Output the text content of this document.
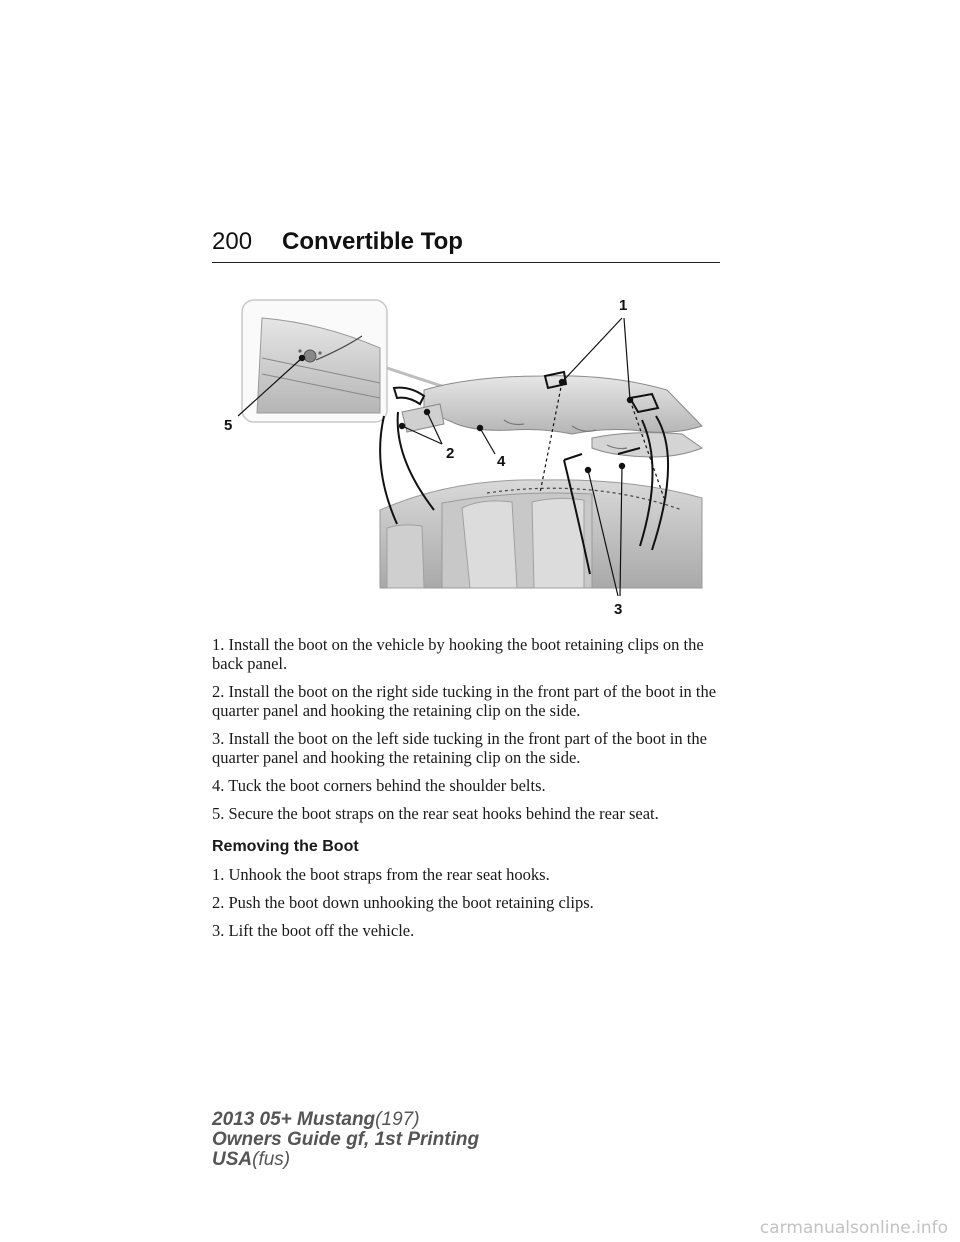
200 Convertible Top
1
2
3
4
5

1. Install the boot on the vehicle by hooking the boot retaining clips on the back panel.

2. Install the boot on the right side tucking in the front part of the boot in the quarter panel and hooking the retaining clip on the side.

3. Install the boot on the left side tucking in the front part of the boot in the quarter panel and hooking the retaining clip on the side.

4. Tuck the boot corners behind the shoulder belts.

5. Secure the boot straps on the rear seat hooks behind the rear seat.

Removing the Boot

1. Unhook the boot straps from the rear seat hooks.

2. Push the boot down unhooking the boot retaining clips.

3. Lift the boot off the vehicle.

2013 05+ Mustang(197)
Owners Guide gf, 1st Printing
USA(fus)
carmanualsonline.info
